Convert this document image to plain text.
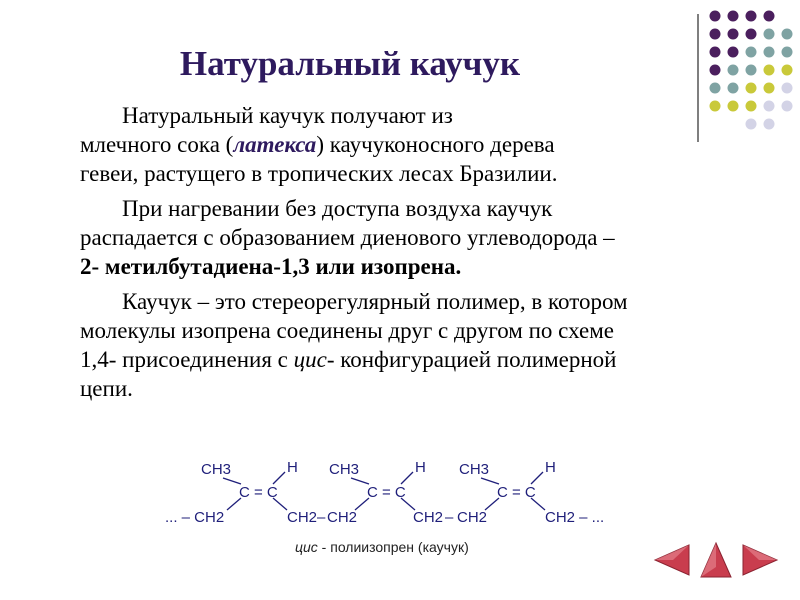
Натуральный каучук

Натуральный каучук получают из
млечного сока (латекса) каучуконосного дерева
гевеи, растущего в тропических лесах Бразилии.

При нагревании без доступа воздуха каучук
распадается с образованием диенового углеводорода –
2- метилбутадиена-1,3 или изопрена.

Каучук – это стереорегулярный полимер, в котором
молекулы изопрена соединены друг с другом по схеме
1,4- присоединения с цис- конфигурацией полимерной
цепи.

CH3	H
C = C
... – CH2	CH2 –
CH3	H
C = C
CH2	CH2 –
CH3	H
C = C
CH2	CH2 – ...
цис - полиизопрен (каучук)
